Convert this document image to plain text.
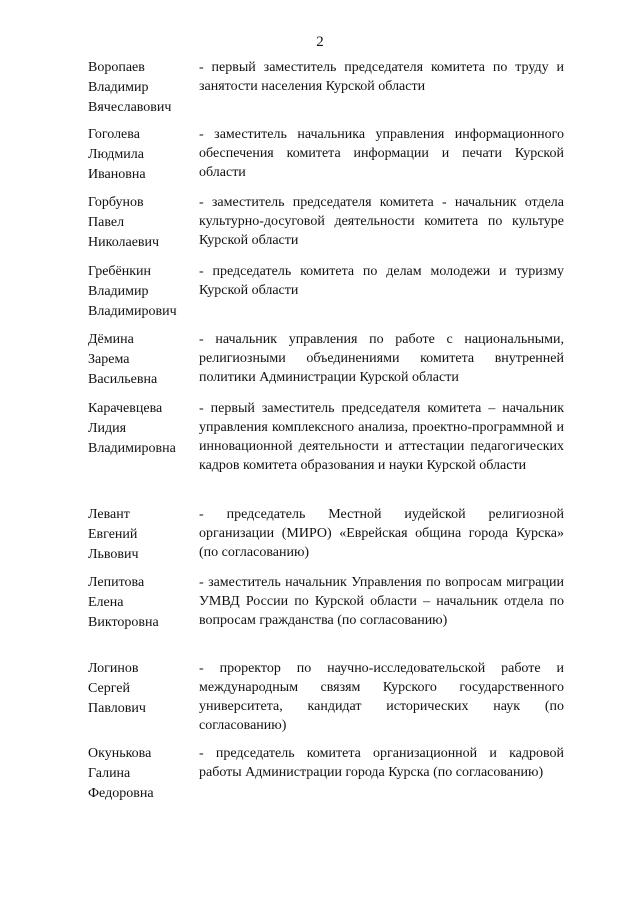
2
Воропаев
Владимир
Вячеславович
- первый заместитель председателя комитета по труду и занятости населения Курской области
Гоголева
Людмила
Ивановна
- заместитель начальника управления информационного обеспечения комитета информации и печати Курской области
Горбунов
Павел
Николаевич
- заместитель председателя комитета - начальник отдела культурно-досуговой деятельности комитета по культуре Курской области
Гребёнкин
Владимир
Владимирович
- председатель комитета по делам молодежи и туризму Курской области
Дёмина
Зарема
Васильевна
- начальник управления по работе с национальными, религиозными объединениями комитета внутренней политики Администрации Курской области
Карачевцева
Лидия
Владимировна
- первый заместитель председателя комитета – начальник управления комплексного анализа, проектно-программной и инновационной деятельности и аттестации педагогических кадров комитета образования и науки Курской области
Левант
Евгений
Львович
- председатель Местной иудейской религиозной организации (МИРО) «Еврейская община города Курска» (по согласованию)
Лепитова
Елена
Викторовна
- заместитель начальник Управления по вопросам миграции УМВД России по Курской области – начальник отдела по вопросам гражданства (по согласованию)
Логинов
Сергей
Павлович
- проректор по научно-исследовательской работе и международным связям Курского государственного университета, кандидат исторических наук (по согласованию)
Окунькова
Галина
Федоровна
- председатель комитета организационной и кадровой работы Администрации города Курска (по согласованию)
